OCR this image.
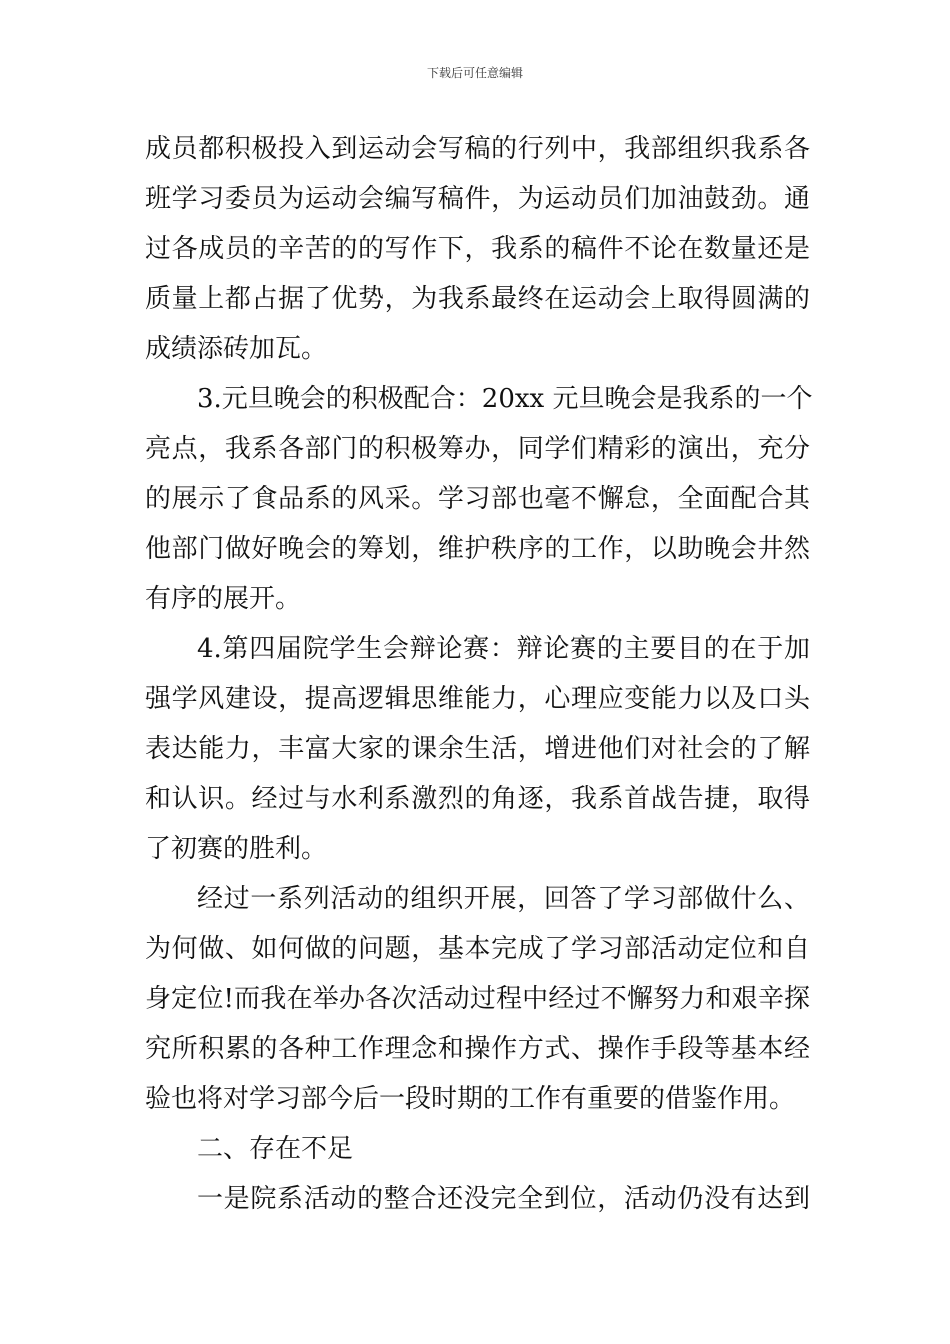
下载后可任意编辑
成员都积极投入到运动会写稿的行列中，我部组织我系各
班学习委员为运动会编写稿件，为运动员们加油鼓劲。通
过各成员的辛苦的的写作下，我系的稿件不论在数量还是
质量上都占据了优势，为我系最终在运动会上取得圆满的
成绩添砖加瓦。
3.元旦晚会的积极配合：20xx 元旦晚会是我系的一个
亮点，我系各部门的积极筹办，同学们精彩的演出，充分
的展示了食品系的风采。学习部也毫不懈怠，全面配合其
他部门做好晚会的筹划，维护秩序的工作，以助晚会井然
有序的展开。
4.第四届院学生会辩论赛：辩论赛的主要目的在于加
强学风建设，提高逻辑思维能力，心理应变能力以及口头
表达能力，丰富大家的课余生活，增进他们对社会的了解
和认识。经过与水利系激烈的角逐，我系首战告捷，取得
了初赛的胜利。
经过一系列活动的组织开展，回答了学习部做什么、
为何做、如何做的问题，基本完成了学习部活动定位和自
身定位!而我在举办各次活动过程中经过不懈努力和艰辛探
究所积累的各种工作理念和操作方式、操作手段等基本经
验也将对学习部今后一段时期的工作有重要的借鉴作用。
二、存在不足
一是院系活动的整合还没完全到位，活动仍没有达到
